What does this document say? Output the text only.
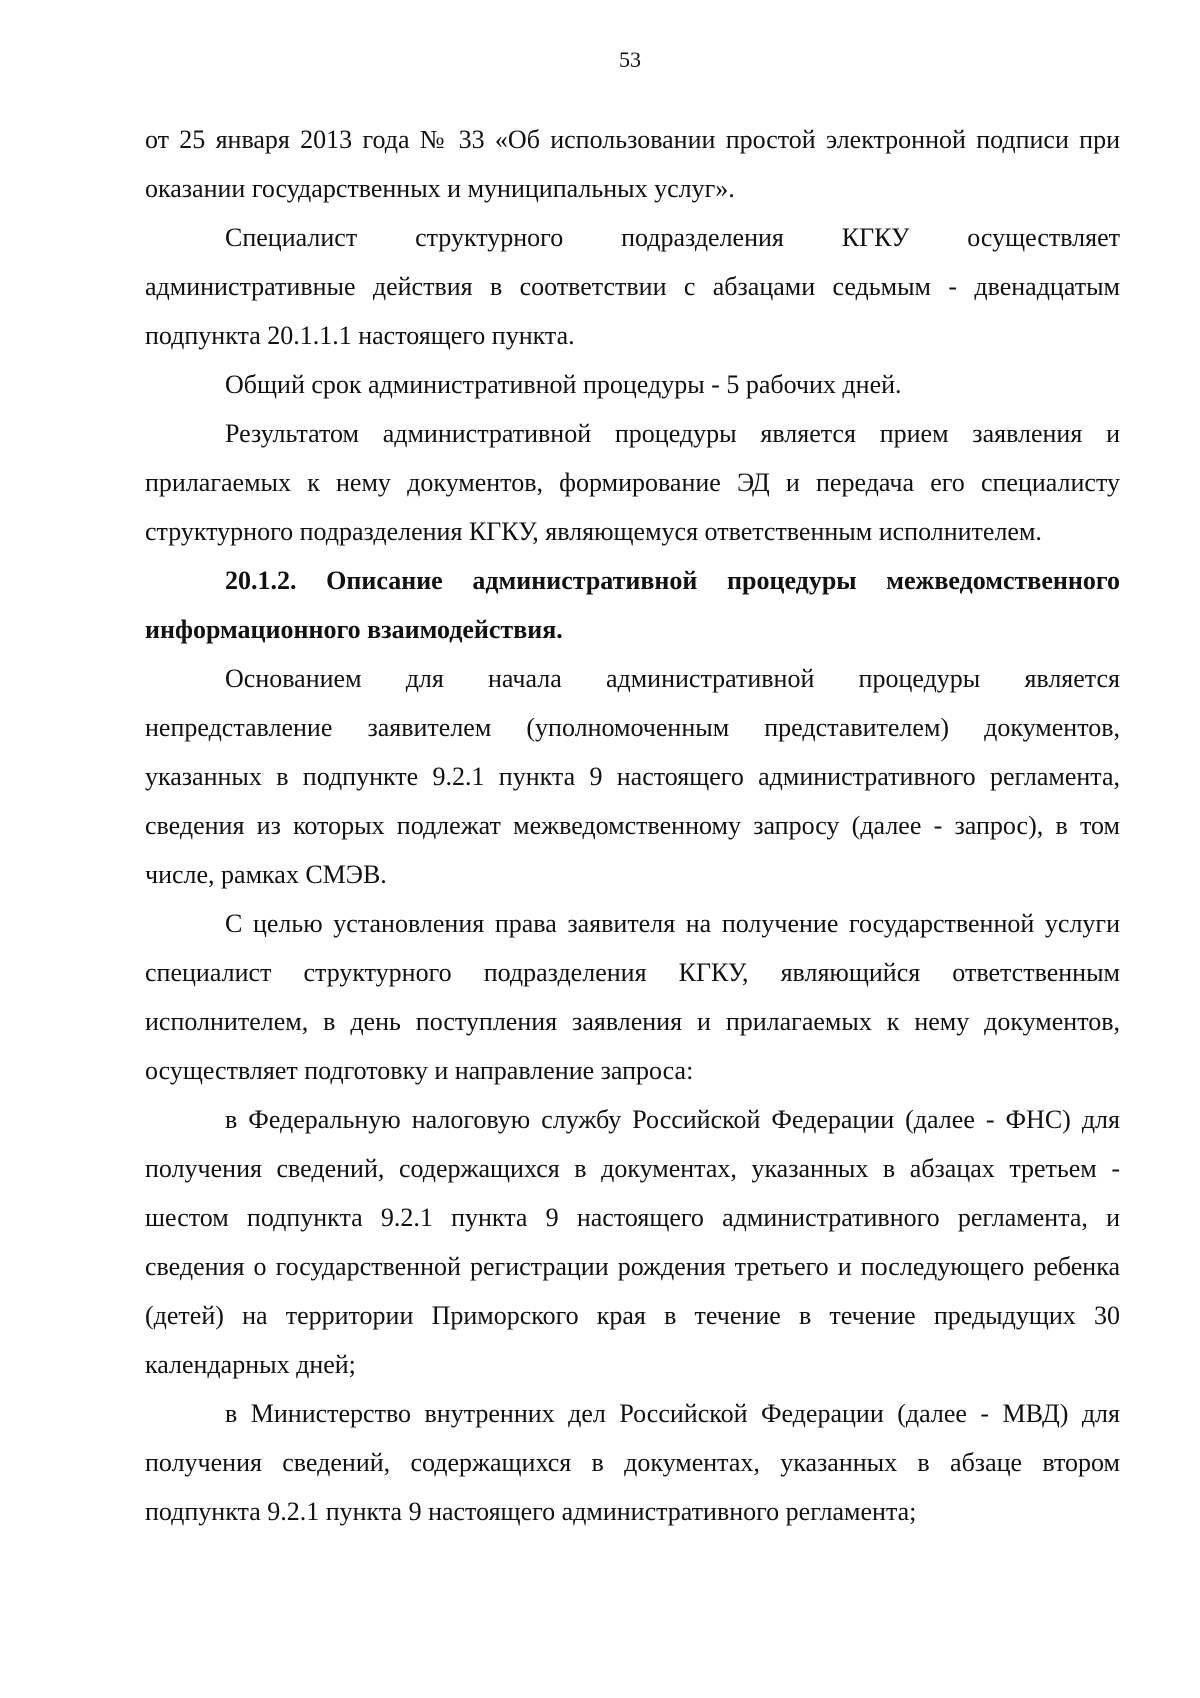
53

от 25 января 2013 года № 33 «Об использовании простой электронной подписи при оказании государственных и муниципальных услуг».

Специалист структурного подразделения КГКУ осуществляет административные действия в соответствии с абзацами седьмым - двенадцатым подпункта 20.1.1.1 настоящего пункта.

Общий срок административной процедуры - 5 рабочих дней.

Результатом административной процедуры является прием заявления и прилагаемых к нему документов, формирование ЭД и передача его специалисту структурного подразделения КГКУ, являющемуся ответственным исполнителем.

20.1.2. Описание административной процедуры межведомственного информационного взаимодействия.

Основанием для начала административной процедуры является непредставление заявителем (уполномоченным представителем) документов, указанных в подпункте 9.2.1 пункта 9 настоящего административного регламента, сведения из которых подлежат межведомственному запросу (далее - запрос), в том числе, рамках СМЭВ.

С целью установления права заявителя на получение государственной услуги специалист структурного подразделения КГКУ, являющийся ответственным исполнителем, в день поступления заявления и прилагаемых к нему документов, осуществляет подготовку и направление запроса:

в Федеральную налоговую службу Российской Федерации (далее - ФНС) для получения сведений, содержащихся в документах, указанных в абзацах третьем - шестом подпункта 9.2.1 пункта 9 настоящего административного регламента, и сведения о государственной регистрации рождения третьего и последующего ребенка (детей) на территории Приморского края в течение в течение предыдущих 30 календарных дней;

в Министерство внутренних дел Российской Федерации (далее - МВД) для получения сведений, содержащихся в документах, указанных в абзаце втором подпункта 9.2.1 пункта 9 настоящего административного регламента;
